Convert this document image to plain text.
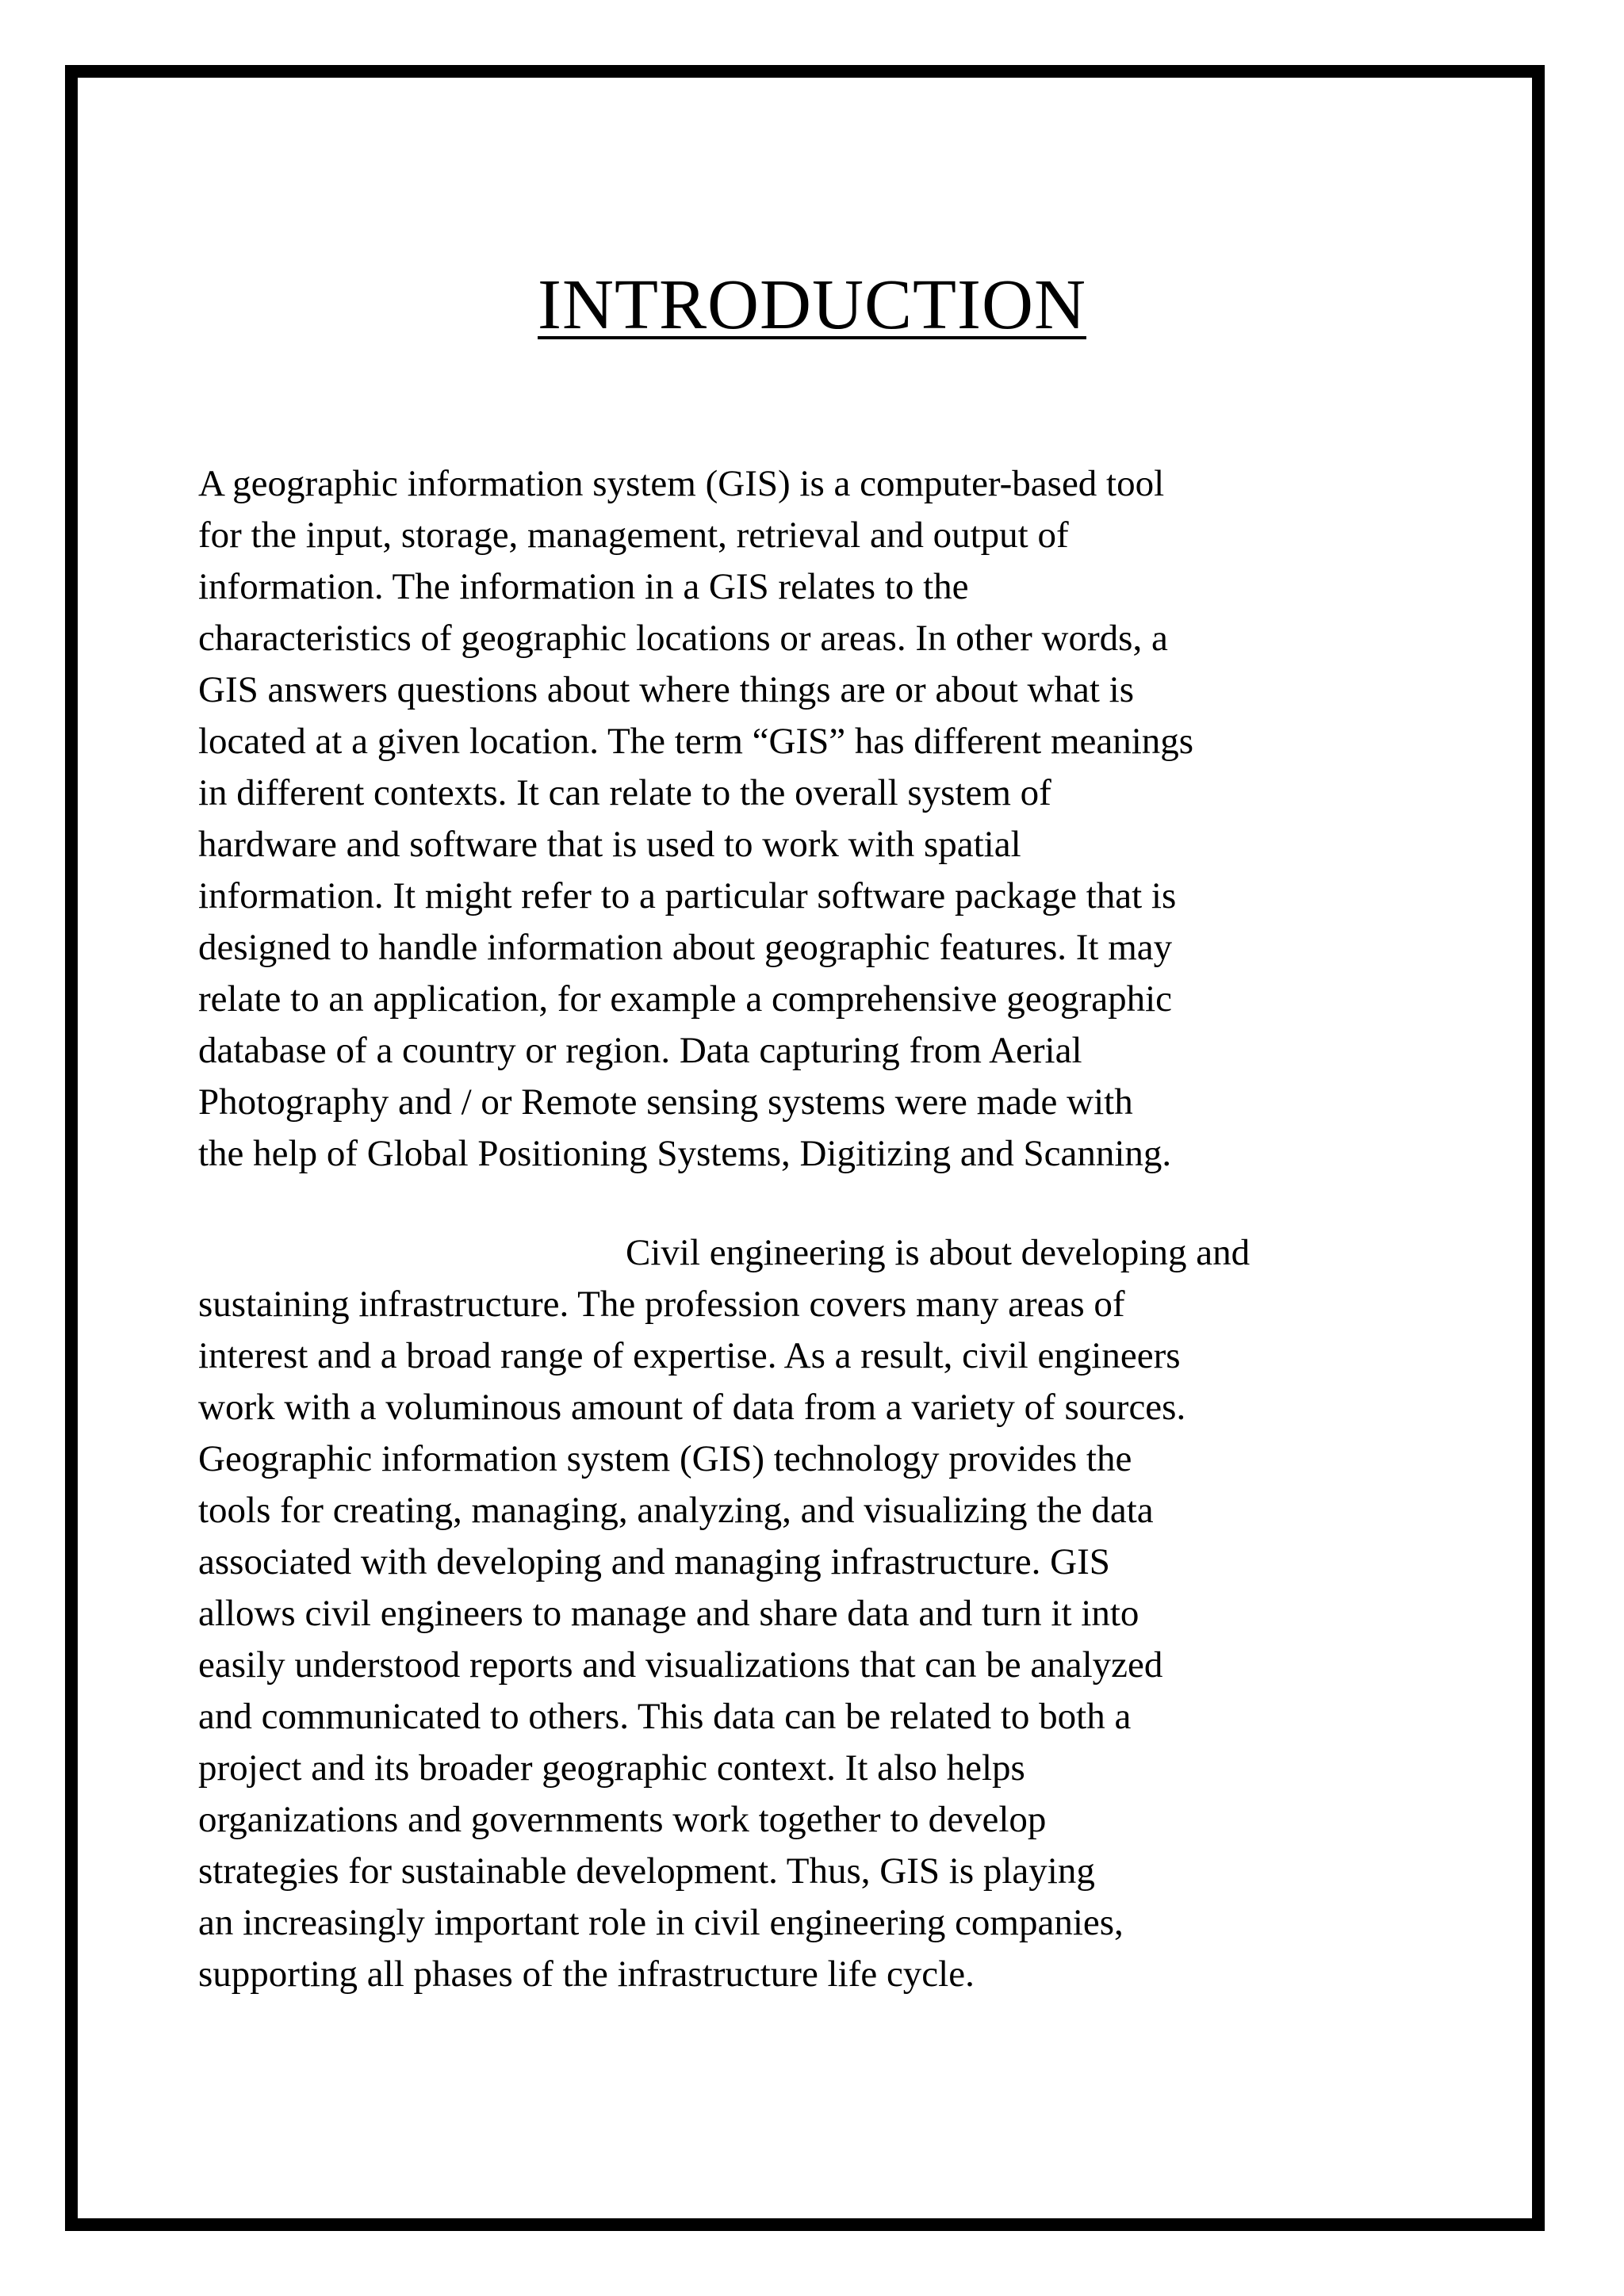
INTRODUCTION
A geographic information system (GIS) is a computer-based tool
for the input, storage, management, retrieval and output of
information. The information in a GIS relates to the
characteristics of geographic locations or areas. In other words, a
GIS answers questions about where things are or about what is
located at a given location. The term “GIS” has different meanings
in different contexts. It can relate to the overall system of
hardware and software that is used to work with spatial
information. It might refer to a particular software package that is
designed to handle information about geographic features. It may
relate to an application, for example a comprehensive geographic
database of a country or region. Data capturing from Aerial
Photography and / or Remote sensing systems were made with
the help of Global Positioning Systems, Digitizing and Scanning.
Civil engineering is about developing and
sustaining infrastructure. The profession covers many areas of
interest and a broad range of expertise. As a result, civil engineers
work with a voluminous amount of data from a variety of sources.
Geographic information system (GIS) technology provides the
tools for creating, managing, analyzing, and visualizing the data
associated with developing and managing infrastructure. GIS
allows civil engineers to manage and share data and turn it into
easily understood reports and visualizations that can be analyzed
and communicated to others. This data can be related to both a
project and its broader geographic context. It also helps
organizations and governments work together to develop
strategies for sustainable development. Thus, GIS is playing
an increasingly important role in civil engineering companies,
supporting all phases of the infrastructure life cycle.
